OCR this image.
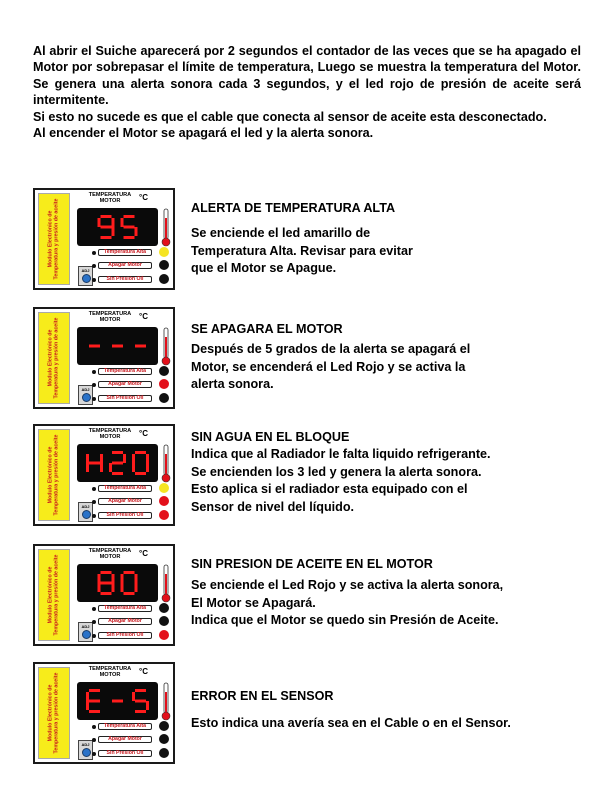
Al abrir el Suiche aparecerá por 2 segundos el contador de las veces que se ha apagado el Motor por sobrepasar el límite de temperatura, Luego se muestra la temperatura del Motor. Se genera una alerta sonora cada 3 segundos, y el led rojo de presión de aceite será intermitente.
Si esto no sucede es que el cable que conecta al sensor de aceite esta desconectado.
Al encender el Motor se apagará el led y la alerta sonora.
Modulo Electrónico de Temperatura y presión de aceite
TEMPERATURA
MOTOR	°C
ADJ
Temperatura Alta
Apagar Motor
Sin Presión Oil
ALERTA DE TEMPERATURA ALTA
Se enciende el led amarillo de
Temperatura Alta. Revisar para evitar
que el Motor se Apague.
Modulo Electrónico de Temperatura y presión de aceite
TEMPERATURA
MOTOR	°C
ADJ
Temperatura Alta
Apagar Motor
Sin Presión Oil
SE APAGARA EL MOTOR
Después de 5 grados de la alerta se apagará el
Motor, se encenderá el Led Rojo y se activa la
alerta sonora.
Modulo Electrónico de Temperatura y presión de aceite
TEMPERATURA
MOTOR	°C
ADJ
Temperatura Alta
Apagar Motor
Sin Presión Oil
SIN AGUA EN EL BLOQUE
Indica que al Radiador le falta liquido refrigerante.
Se encienden los 3 led y genera la alerta sonora.
Esto aplica si el radiador esta equipado con el
Sensor de nivel del líquido.
Modulo Electrónico de Temperatura y presión de aceite
TEMPERATURA
MOTOR	°C
ADJ
Temperatura Alta
Apagar Motor
Sin Presión Oil
SIN PRESION DE ACEITE EN EL MOTOR
Se enciende el Led Rojo y se activa la alerta sonora,
El Motor se Apagará.
Indica que el Motor se quedo sin Presión de Aceite.
Modulo Electrónico de Temperatura y presión de aceite
TEMPERATURA
MOTOR	°C
ADJ
Temperatura Alta
Apagar Motor
Sin Presión Oil
ERROR EN EL SENSOR
Esto indica una avería sea en el Cable o en el Sensor.
